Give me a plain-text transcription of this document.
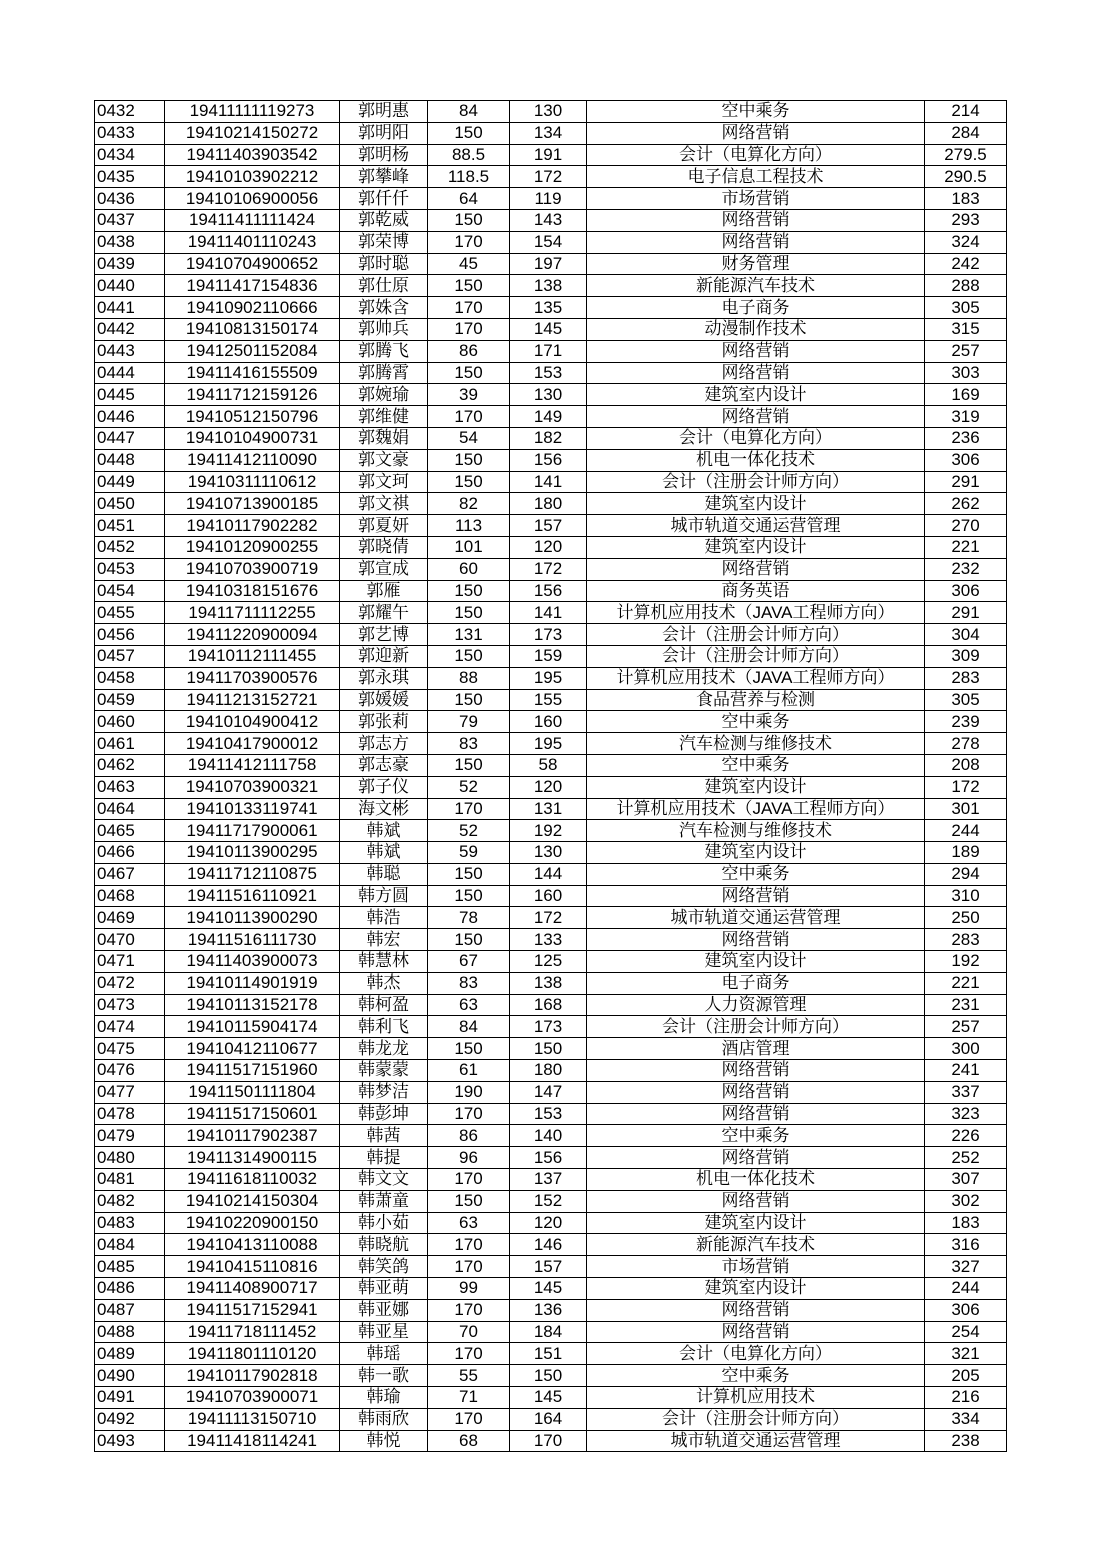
0432	19411111119273	郭明惠	84	130	空中乘务	214
0433	19410214150272	郭明阳	150	134	网络营销	284
0434	19411403903542	郭明杨	88.5	191	会计（电算化方向）	279.5
0435	19410103902212	郭攀峰	118.5	172	电子信息工程技术	290.5
0436	19410106900056	郭仟仟	64	119	市场营销	183
0437	19411411111424	郭乾威	150	143	网络营销	293
0438	19411401110243	郭荣博	170	154	网络营销	324
0439	19410704900652	郭时聪	45	197	财务管理	242
0440	19411417154836	郭仕原	150	138	新能源汽车技术	288
0441	19410902110666	郭姝含	170	135	电子商务	305
0442	19410813150174	郭帅兵	170	145	动漫制作技术	315
0443	19412501152084	郭腾飞	86	171	网络营销	257
0444	19411416155509	郭腾霄	150	153	网络营销	303
0445	19411712159126	郭婉瑜	39	130	建筑室内设计	169
0446	19410512150796	郭维健	170	149	网络营销	319
0447	19410104900731	郭魏娟	54	182	会计（电算化方向）	236
0448	19411412110090	郭文豪	150	156	机电一体化技术	306
0449	19410311110612	郭文珂	150	141	会计（注册会计师方向）	291
0450	19410713900185	郭文祺	82	180	建筑室内设计	262
0451	19410117902282	郭夏妍	113	157	城市轨道交通运营管理	270
0452	19410120900255	郭晓倩	101	120	建筑室内设计	221
0453	19410703900719	郭宣成	60	172	网络营销	232
0454	19410318151676	郭雁	150	156	商务英语	306
0455	19411711112255	郭耀午	150	141	计算机应用技术（JAVA工程师方向）	291
0456	19411220900094	郭艺博	131	173	会计（注册会计师方向）	304
0457	19410112111455	郭迎新	150	159	会计（注册会计师方向）	309
0458	19411703900576	郭永琪	88	195	计算机应用技术（JAVA工程师方向）	283
0459	19411213152721	郭媛媛	150	155	食品营养与检测	305
0460	19410104900412	郭张莉	79	160	空中乘务	239
0461	19410417900012	郭志方	83	195	汽车检测与维修技术	278
0462	19411412111758	郭志豪	150	58	空中乘务	208
0463	19410703900321	郭子仪	52	120	建筑室内设计	172
0464	19410133119741	海文彬	170	131	计算机应用技术（JAVA工程师方向）	301
0465	19411717900061	韩斌	52	192	汽车检测与维修技术	244
0466	19410113900295	韩斌	59	130	建筑室内设计	189
0467	19411712110875	韩聪	150	144	空中乘务	294
0468	19411516110921	韩方圆	150	160	网络营销	310
0469	19410113900290	韩浩	78	172	城市轨道交通运营管理	250
0470	19411516111730	韩宏	150	133	网络营销	283
0471	19411403900073	韩慧林	67	125	建筑室内设计	192
0472	19410114901919	韩杰	83	138	电子商务	221
0473	19410113152178	韩柯盈	63	168	人力资源管理	231
0474	19410115904174	韩利飞	84	173	会计（注册会计师方向）	257
0475	19410412110677	韩龙龙	150	150	酒店管理	300
0476	19411517151960	韩蒙蒙	61	180	网络营销	241
0477	19411501111804	韩梦洁	190	147	网络营销	337
0478	19411517150601	韩彭坤	170	153	网络营销	323
0479	19410117902387	韩茜	86	140	空中乘务	226
0480	19411314900115	韩提	96	156	网络营销	252
0481	19411618110032	韩文文	170	137	机电一体化技术	307
0482	19410214150304	韩萧童	150	152	网络营销	302
0483	19410220900150	韩小茹	63	120	建筑室内设计	183
0484	19410413110088	韩晓航	170	146	新能源汽车技术	316
0485	19410415110816	韩笑鸽	170	157	市场营销	327
0486	19411408900717	韩亚萌	99	145	建筑室内设计	244
0487	19411517152941	韩亚娜	170	136	网络营销	306
0488	19411718111452	韩亚星	70	184	网络营销	254
0489	19411801110120	韩瑶	170	151	会计（电算化方向）	321
0490	19410117902818	韩一歌	55	150	空中乘务	205
0491	19410703900071	韩瑜	71	145	计算机应用技术	216
0492	19411113150710	韩雨欣	170	164	会计（注册会计师方向）	334
0493	19411418114241	韩悦	68	170	城市轨道交通运营管理	238
